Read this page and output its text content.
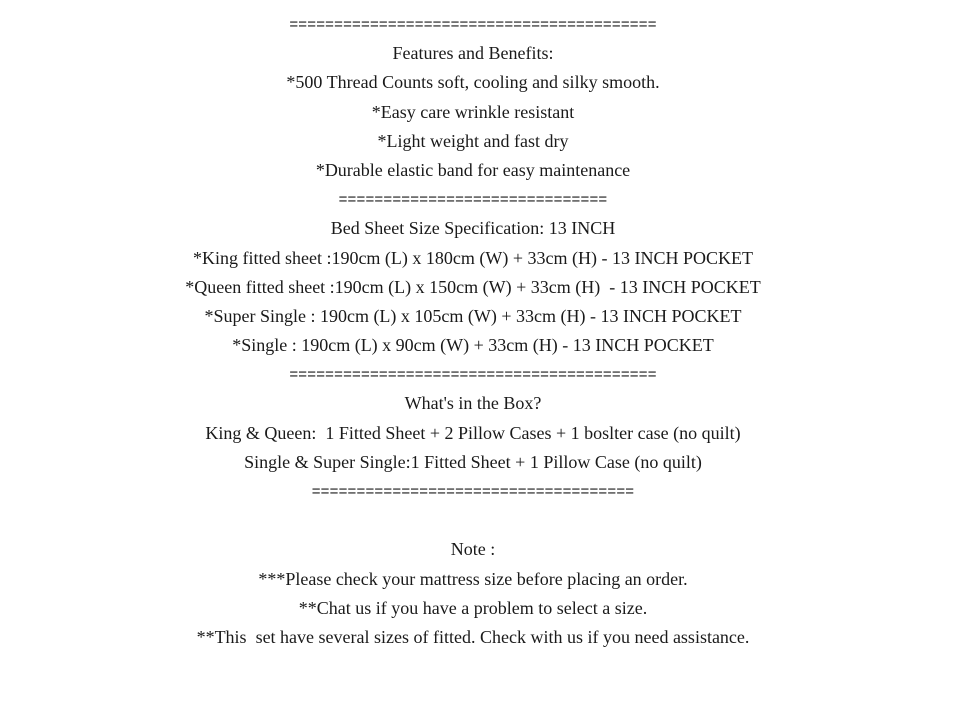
=========================================
Features and Benefits:
*500 Thread Counts soft, cooling and silky smooth.
*Easy care wrinkle resistant
*Light weight and fast dry
*Durable elastic band for easy maintenance
==============================
Bed Sheet Size Specification: 13 INCH
*King fitted sheet :190cm (L) x 180cm (W) + 33cm (H) - 13 INCH POCKET
*Queen fitted sheet :190cm (L) x 150cm (W) + 33cm (H)  - 13 INCH POCKET
*Super Single : 190cm (L) x 105cm (W) + 33cm (H) - 13 INCH POCKET
*Single : 190cm (L) x 90cm (W) + 33cm (H) - 13 INCH POCKET
=========================================
What's in the Box?
King & Queen:  1 Fitted Sheet + 2 Pillow Cases + 1 boslter case (no quilt)
Single & Super Single:1 Fitted Sheet + 1 Pillow Case (no quilt)
====================================
Note :
***Please check your mattress size before placing an order.
**Chat us if you have a problem to select a size.
**This  set have several sizes of fitted. Check with us if you need assistance.
